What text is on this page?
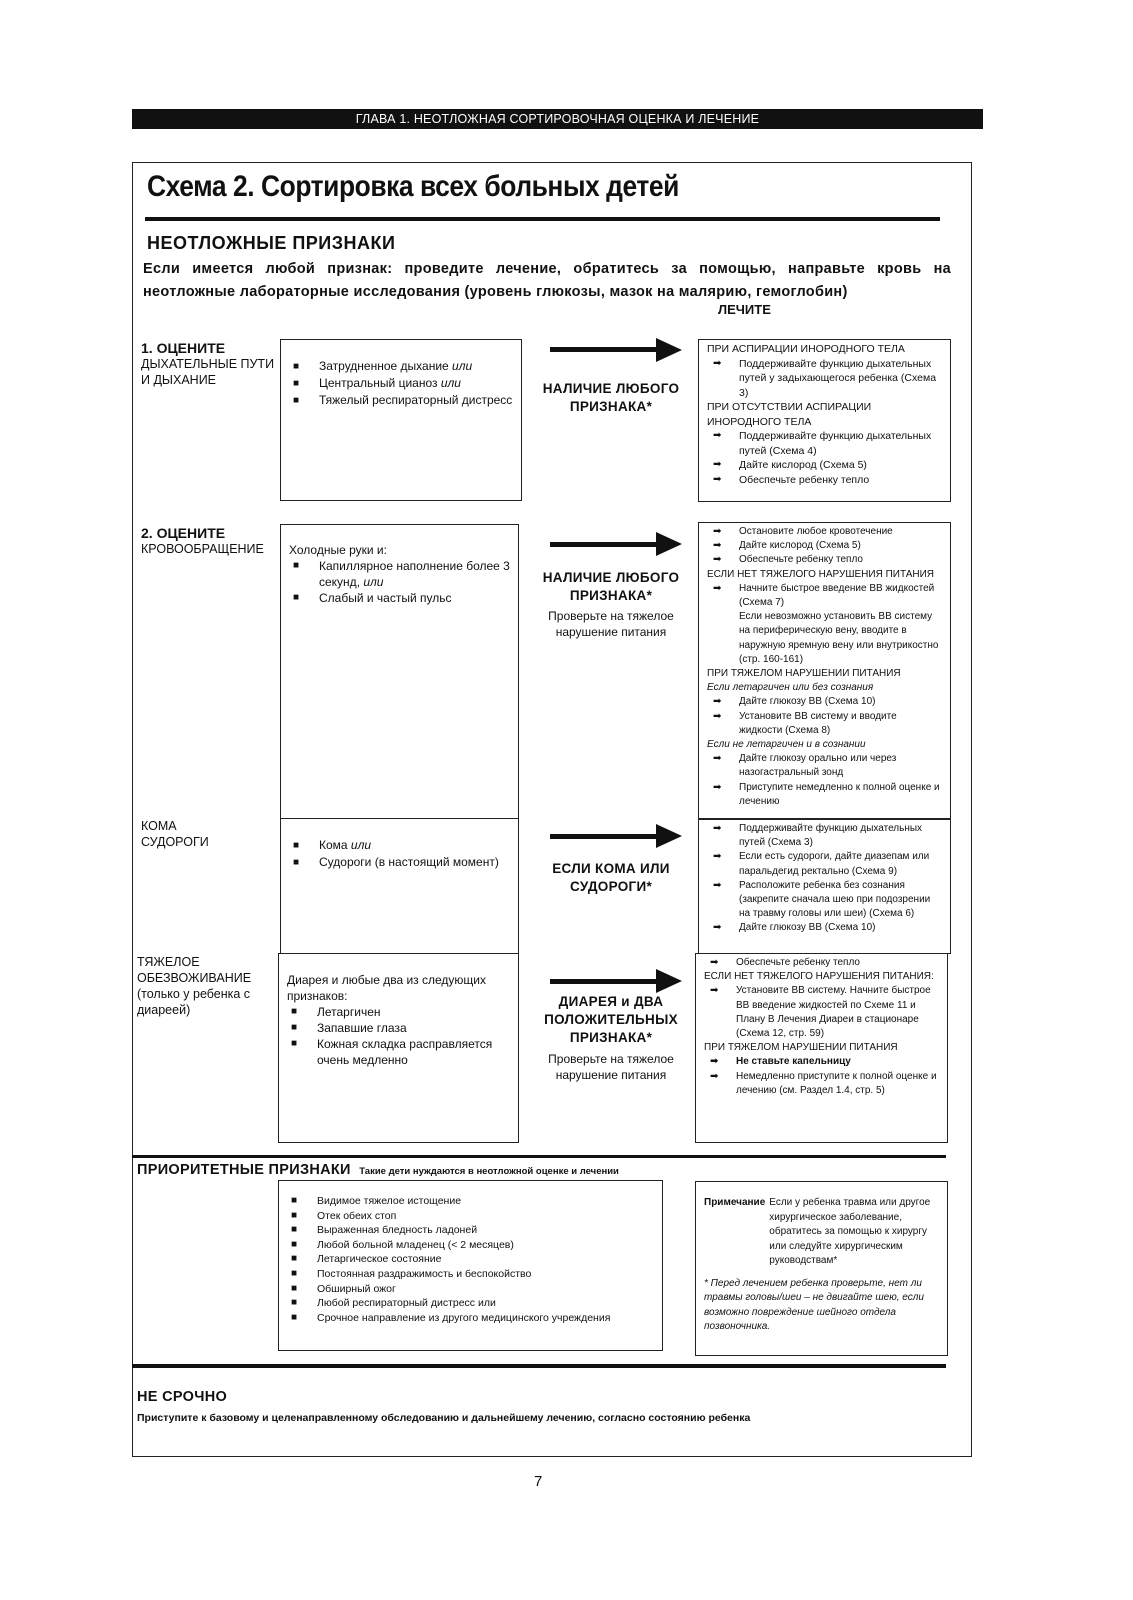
ГЛАВА 1. НЕОТЛОЖНАЯ СОРТИРОВОЧНАЯ ОЦЕНКА И ЛЕЧЕНИЕ
Схема 2. Сортировка всех больных детей
НЕОТЛОЖНЫЕ ПРИЗНАКИ
Если имеется любой признак: проведите лечение, обратитесь за помощью, направьте кровь на неотложные лабораторные исследования (уровень глюкозы, мазок на малярию, гемоглобин)
ЛЕЧИТЕ
1. ОЦЕНИТЕ
ДЫХАТЕЛЬНЫЕ ПУТИ
И ДЫХАНИЕ
■ Затрудненное дыхание или
■ Центральный цианоз или
■ Тяжелый респираторный дистресс
НАЛИЧИЕ ЛЮБОГО ПРИЗНАКА*
ПРИ АСПИРАЦИИ ИНОРОДНОГО ТЕЛА
➡ Поддерживайте функцию дыхательных путей у задыхающегося ребенка (Схема 3)
ПРИ ОТСУТСТВИИ АСПИРАЦИИ ИНОРОДНОГО ТЕЛА
➡ Поддерживайте функцию дыхательных путей (Схема 4)
➡ Дайте кислород (Схема 5)
➡ Обеспечьте ребенку тепло
2. ОЦЕНИТЕ
КРОВООБРАЩЕНИЕ Холодные руки и:
■ Капиллярное наполнение более 3 секунд, или
■ Слабый и частый пульс
НАЛИЧИЕ ЛЮБОГО ПРИЗНАКА*
Проверьте на тяжелое нарушение питания
➡ Остановите любое кровотечение
➡ Дайте кислород (Схема 5)
➡ Обеспечьте ребенку тепло
ЕСЛИ НЕТ ТЯЖЕЛОГО НАРУШЕНИЯ ПИТАНИЯ
➡ Начните быстрое введение ВВ жидкостей (Схема 7)
Если невозможно установить ВВ систему на периферическую вену, вводите в наружную яремную вену или внутрикостно (стр. 160-161)
ПРИ ТЯЖЕЛОМ НАРУШЕНИИ ПИТАНИЯ
Если летаргичен или без сознания
➡ Дайте глюкозу ВВ (Схема 10)
➡ Установите ВВ систему и вводите жидкости (Схема 8)
Если не летаргичен и в сознании
➡ Дайте глюкозу орально или через назогастральный зонд
➡ Приступите немедленно к полной оценке и лечению
КОМА
СУДОРОГИ
■	Кома или
■ Судороги (в настоящий момент)	ЕСЛИ КОМА ИЛИ СУДОРОГИ*
➡ Поддерживайте функцию дыхательных путей (Схема 3)
➡ Если есть судороги, дайте диазепам или паральдегид ректально (Схема 9)
➡ Расположите ребенка без сознания (закрепите сначала шею при подозрении на травму головы или шеи) (Схема 6)
➡ Дайте глюкозу ВВ (Схема 10)
ТЯЖЕЛОЕ
ОБЕЗВОЖИВАНИЕ
(только у ребенка с
диареей)
Диарея и любые два из следующих признаков:
■ Летаргичен
■ Запавшие глаза
■ Кожная складка расправляется очень медленно
ДИАРЕЯ и ДВА ПОЛОЖИТЕЛЬНЫХ ПРИЗНАКА*
Проверьте на тяжелое нарушение питания
➡ Обеспечьте ребенку тепло
ЕСЛИ НЕТ ТЯЖЕЛОГО НАРУШЕНИЯ ПИТАНИЯ:
➡ Установите ВВ систему. Начните быстрое ВВ введение жидкостей по Схеме 11 и Плану В Лечения Диареи в стационаре (Схема 12, стр. 59)
ПРИ ТЯЖЕЛОМ НАРУШЕНИИ ПИТАНИЯ
➡ Не ставьте капельницу
➡ Немедленно приступите к полной оценке и лечению (см. Раздел 1.4, стр. 5)
ПРИОРИТЕТНЫЕ ПРИЗНАКИ Такие дети нуждаются в неотложной оценке и лечении
■ Видимое тяжелое истощение
■ Отек обеих стоп
■ Выраженная бледность ладоней
■ Любой больной младенец (< 2 месяцев)
■ Летаргическое состояние
■ Постоянная раздражимость и беспокойство
■ Обширный ожог
■ Любой респираторный дистресс или
■ Срочное направление из другого медицинского учреждения
Примечание Если у ребенка травма или другое хирургическое заболевание, обратитесь за помощью к хирургу или следуйте хирургическим руководствам*
* Перед лечением ребенка проверьте, нет ли травмы головы/шеи – не двигайте шею, если возможно повреждение шейного отдела позвоночника.
НЕ СРОЧНО
Приступите к базовому и целенаправленному обследованию и дальнейшему лечению, согласно состоянию ребенка
7
